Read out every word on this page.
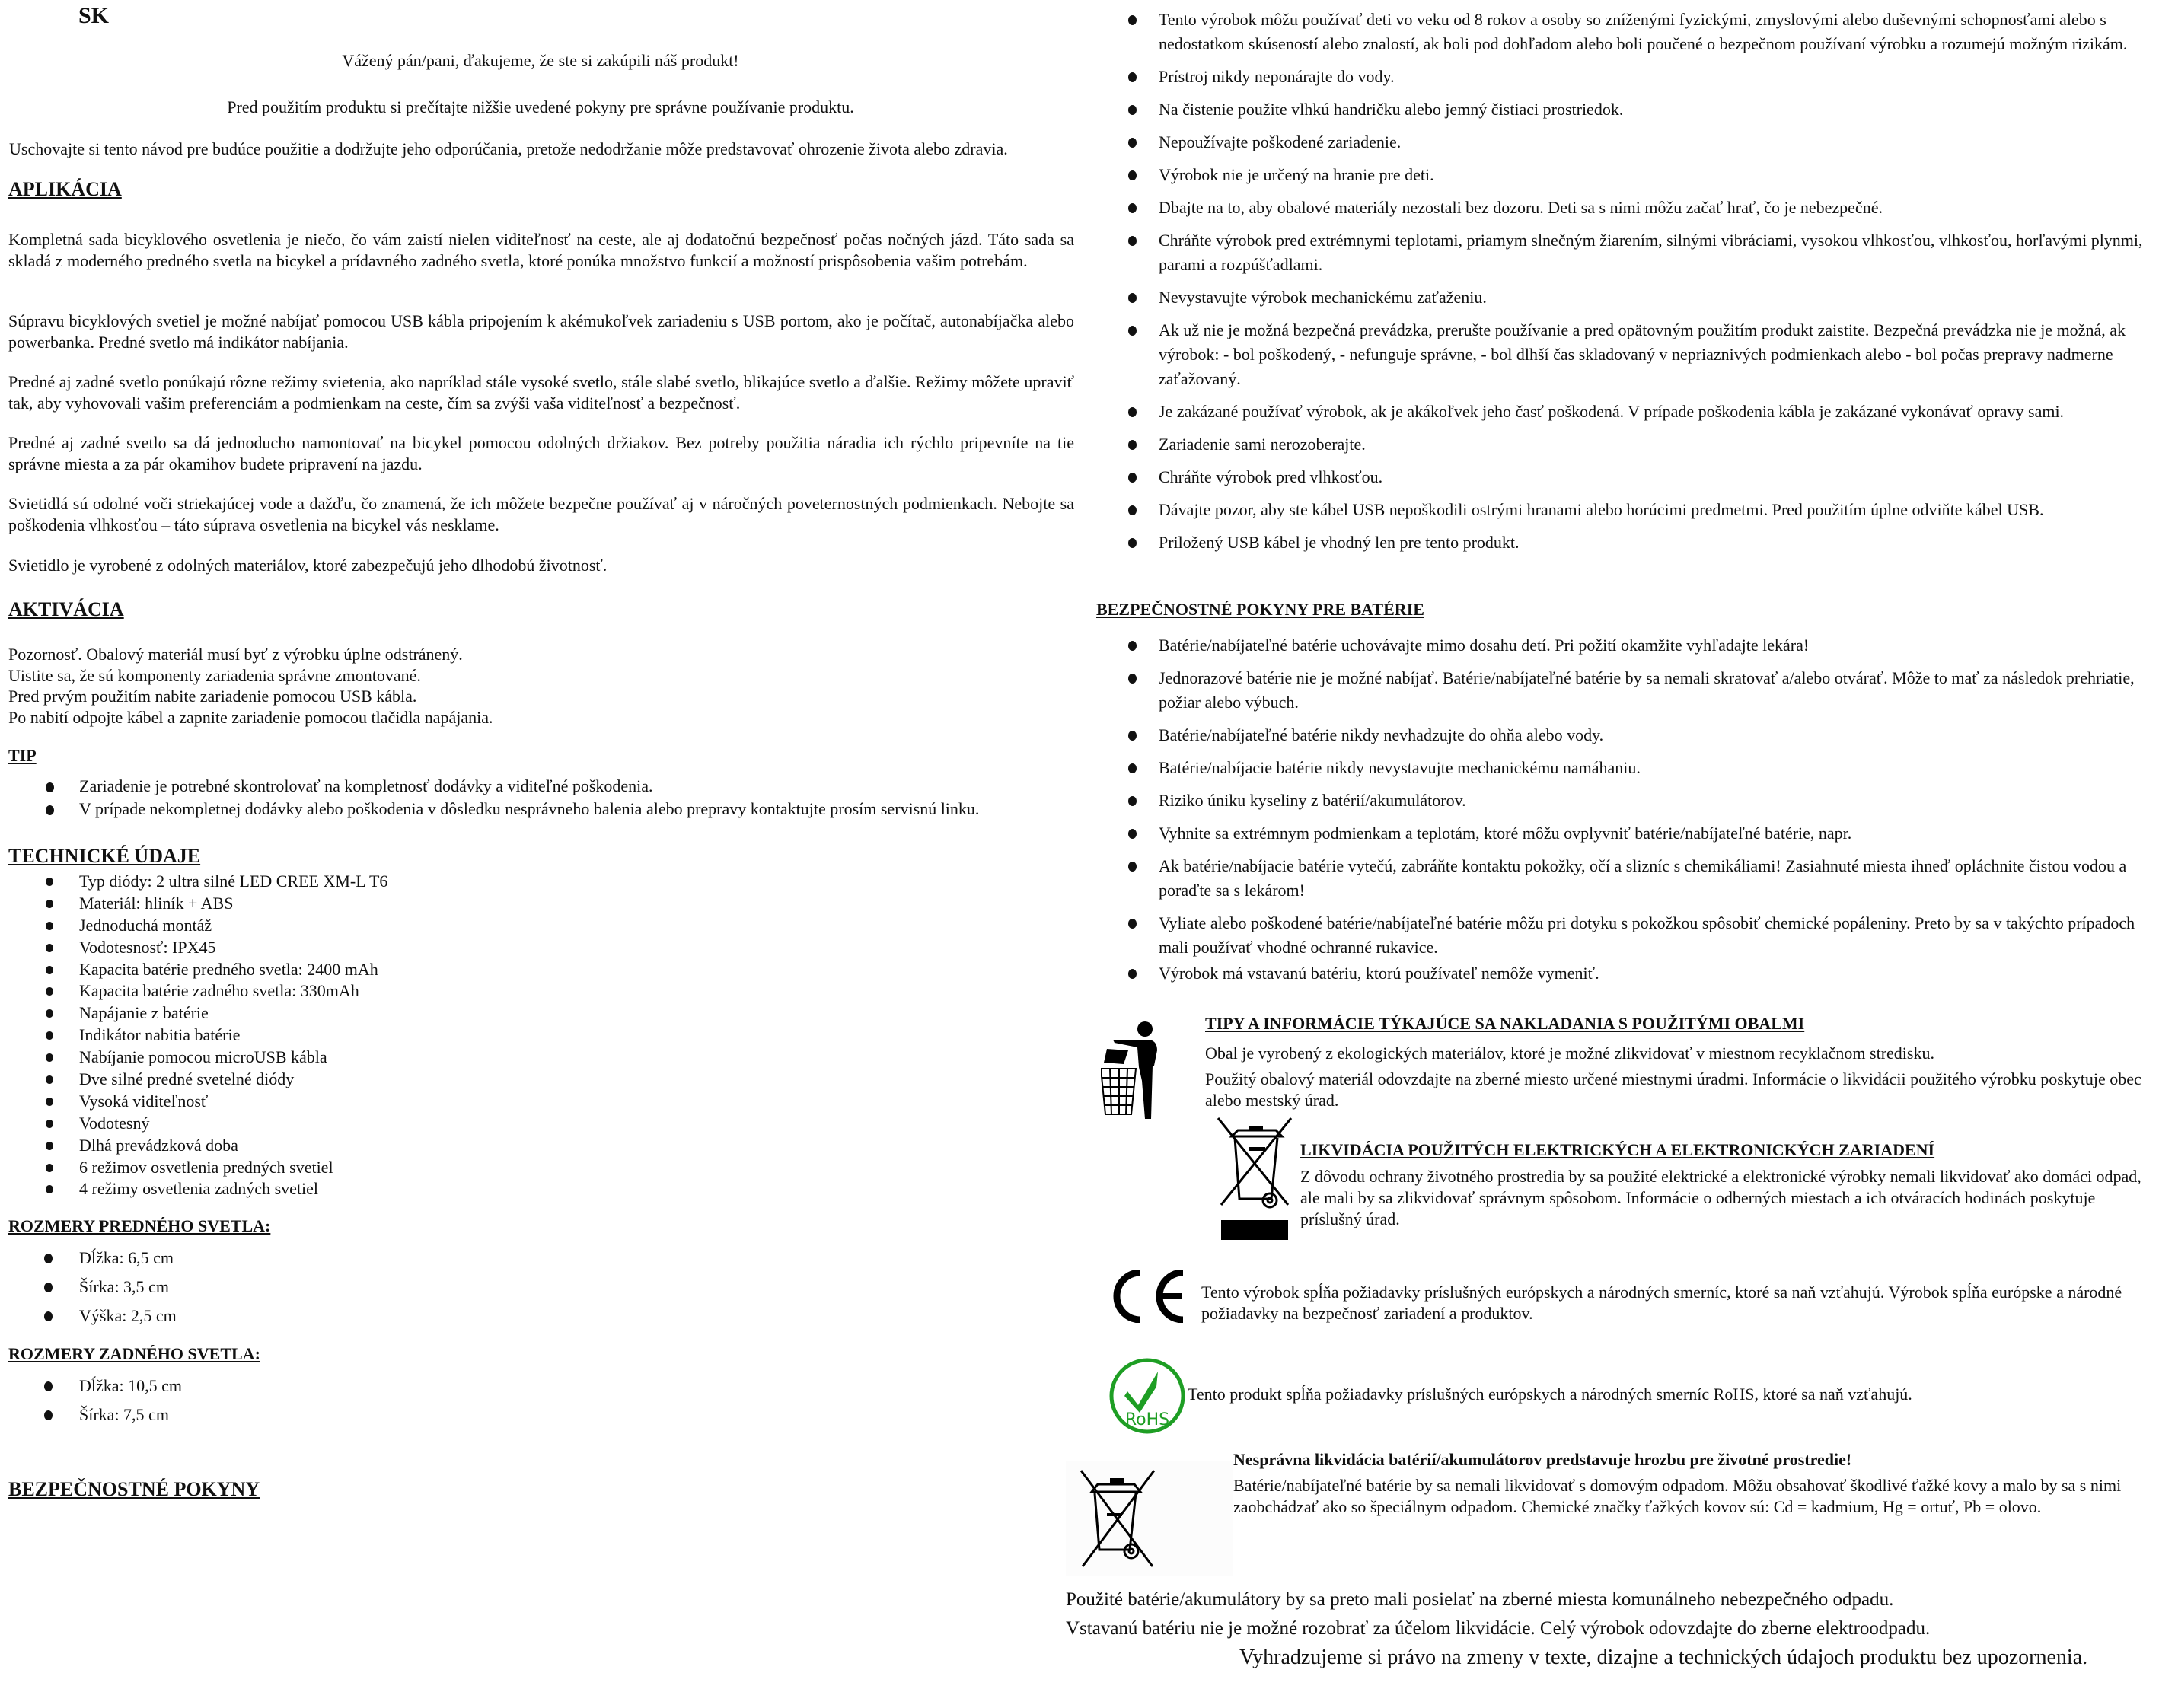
SK
Vážený pán/pani, ďakujeme, že ste si zakúpili náš produkt!
Pred použitím produktu si prečítajte nižšie uvedené pokyny pre správne používanie produktu.
Uschovajte si tento návod pre budúce použitie a dodržujte jeho odporúčania, pretože nedodržanie môže predstavovať ohrozenie života alebo zdravia.
APLIKÁCIA
Kompletná sada bicyklového osvetlenia je niečo, čo vám zaistí nielen viditeľnosť na ceste, ale aj dodatočnú bezpečnosť počas nočných jázd. Táto sada sa skladá z moderného predného svetla na bicykel a prídavného zadného svetla, ktoré ponúka množstvo funkcií a možností prispôsobenia vašim potrebám.
Súpravu bicyklových svetiel je možné nabíjať pomocou USB kábla pripojením k akémukoľvek zariadeniu s USB portom, ako je počítač, autonabíjačka alebo powerbanka. Predné svetlo má indikátor nabíjania.
Predné aj zadné svetlo ponúkajú rôzne režimy svietenia, ako napríklad stále vysoké svetlo, stále slabé svetlo, blikajúce svetlo a ďalšie. Režimy môžete upraviť tak, aby vyhovovali vašim preferenciám a podmienkam na ceste, čím sa zvýši vaša viditeľnosť a bezpečnosť.
Predné aj zadné svetlo sa dá jednoducho namontovať na bicykel pomocou odolných držiakov. Bez potreby použitia náradia ich rýchlo pripevníte na tie správne miesta a za pár okamihov budete pripravení na jazdu.
Svietidlá sú odolné voči striekajúcej vode a dažďu, čo znamená, že ich môžete bezpečne používať aj v náročných poveternostných podmienkach. Nebojte sa poškodenia vlhkosťou – táto súprava osvetlenia na bicykel vás nesklame.
Svietidlo je vyrobené z odolných materiálov, ktoré zabezpečujú jeho dlhodobú životnosť.
AKTIVÁCIA
Pozornosť. Obalový materiál musí byť z výrobku úplne odstránený.
Uistite sa, že sú komponenty zariadenia správne zmontované.
Pred prvým použitím nabite zariadenie pomocou USB kábla.
Po nabití odpojte kábel a zapnite zariadenie pomocou tlačidla napájania.
TIP
Zariadenie je potrebné skontrolovať na kompletnosť dodávky a viditeľné poškodenia.
V prípade nekompletnej dodávky alebo poškodenia v dôsledku nesprávneho balenia alebo prepravy kontaktujte prosím servisnú linku.
TECHNICKÉ ÚDAJE
Typ diódy: 2 ultra silné LED CREE XM-L T6
Materiál: hliník + ABS
Jednoduchá montáž
Vodotesnosť: IPX45
Kapacita batérie predného svetla: 2400 mAh
Kapacita batérie zadného svetla: 330mAh
Napájanie z batérie
Indikátor nabitia batérie
Nabíjanie pomocou microUSB kábla
Dve silné predné svetelné diódy
Vysoká viditeľnosť
Vodotesný
Dlhá prevádzková doba
6 režimov osvetlenia predných svetiel
4 režimy osvetlenia zadných svetiel
ROZMERY PREDNÉHO SVETLA:
Dĺžka: 6,5 cm
Šírka: 3,5 cm
Výška: 2,5 cm
ROZMERY ZADNÉHO SVETLA:
Dĺžka: 10,5 cm
Šírka: 7,5 cm
BEZPEČNOSTNÉ POKYNY
Tento výrobok môžu používať deti vo veku od 8 rokov a osoby so zníženými fyzickými, zmyslovými alebo duševnými schopnosťami alebo s nedostatkom skúseností alebo znalostí, ak boli pod dohľadom alebo boli poučené o bezpečnom používaní výrobku a rozumejú možným rizikám.
Prístroj nikdy neponárajte do vody.
Na čistenie použite vlhkú handričku alebo jemný čistiaci prostriedok.
Nepoužívajte poškodené zariadenie.
Výrobok nie je určený na hranie pre deti.
Dbajte na to, aby obalové materiály nezostali bez dozoru. Deti sa s nimi môžu začať hrať, čo je nebezpečné.
Chráňte výrobok pred extrémnymi teplotami, priamym slnečným žiarením, silnými vibráciami, vysokou vlhkosťou, vlhkosťou, horľavými plynmi, parami a rozpúšťadlami.
Nevystavujte výrobok mechanickému zaťaženiu.
Ak už nie je možná bezpečná prevádzka, prerušte používanie a pred opätovným použitím produkt zaistite. Bezpečná prevádzka nie je možná, ak výrobok: - bol poškodený, - nefunguje správne, - bol dlhší čas skladovaný v nepriaznivých podmienkach alebo - bol počas prepravy nadmerne zaťažovaný.
Je zakázané používať výrobok, ak je akákoľvek jeho časť poškodená. V prípade poškodenia kábla je zakázané vykonávať opravy sami.
Zariadenie sami nerozoberajte.
Chráňte výrobok pred vlhkosťou.
Dávajte pozor, aby ste kábel USB nepoškodili ostrými hranami alebo horúcimi predmetmi. Pred použitím úplne odviňte kábel USB.
Priložený USB kábel je vhodný len pre tento produkt.
BEZPEČNOSTNÉ POKYNY PRE BATÉRIE
Batérie/nabíjateľné batérie uchovávajte mimo dosahu detí. Pri požití okamžite vyhľadajte lekára!
Jednorazové batérie nie je možné nabíjať. Batérie/nabíjateľné batérie by sa nemali skratovať a/alebo otvárať. Môže to mať za následok prehriatie, požiar alebo výbuch.
Batérie/nabíjateľné batérie nikdy nevhadzujte do ohňa alebo vody.
Batérie/nabíjacie batérie nikdy nevystavujte mechanickému namáhaniu.
Riziko úniku kyseliny z batérií/akumulátorov.
Vyhnite sa extrémnym podmienkam a teplotám, ktoré môžu ovplyvniť batérie/nabíjateľné batérie, napr.
Ak batérie/nabíjacie batérie vytečú, zabráňte kontaktu pokožky, očí a slizníc s chemikáliami! Zasiahnuté miesta ihneď opláchnite čistou vodou a poraďte sa s lekárom!
Vyliate alebo poškodené batérie/nabíjateľné batérie môžu pri dotyku s pokožkou spôsobiť chemické popáleniny. Preto by sa v takýchto prípadoch mali používať vhodné ochranné rukavice.
Výrobok má vstavanú batériu, ktorú používateľ nemôže vymeniť.
TIPY A INFORMÁCIE TÝKAJÚCE SA NAKLADANIA S POUŽITÝMI OBALMI
Obal je vyrobený z ekologických materiálov, ktoré je možné zlikvidovať v miestnom recyklačnom stredisku.
Použitý obalový materiál odovzdajte na zberné miesto určené miestnymi úradmi. Informácie o likvidácii použitého výrobku poskytuje obec alebo mestský úrad.
LIKVIDÁCIA POUŽITÝCH ELEKTRICKÝCH A ELEKTRONICKÝCH ZARIADENÍ
Z dôvodu ochrany životného prostredia by sa použité elektrické a elektronické výrobky nemali likvidovať ako domáci odpad, ale mali by sa zlikvidovať správnym spôsobom. Informácie o odberných miestach a ich otváracích hodinách poskytuje príslušný úrad.
Tento výrobok spĺňa požiadavky príslušných európskych a národných smerníc, ktoré sa naň vzťahujú. Výrobok spĺňa európske a národné požiadavky na bezpečnosť zariadení a produktov.
RoHS
Tento produkt spĺňa požiadavky príslušných európskych a národných smerníc RoHS, ktoré sa naň vzťahujú.
Nesprávna likvidácia batérií/akumulátorov predstavuje hrozbu pre životné prostredie!
Batérie/nabíjateľné batérie by sa nemali likvidovať s domovým odpadom. Môžu obsahovať škodlivé ťažké kovy a malo by sa s nimi zaobchádzať ako so špeciálnym odpadom. Chemické značky ťažkých kovov sú: Cd = kadmium, Hg = ortuť, Pb = olovo.
Použité batérie/akumulátory by sa preto mali posielať na zberné miesta komunálneho nebezpečného odpadu.
Vstavanú batériu nie je možné rozobrať za účelom likvidácie. Celý výrobok odovzdajte do zberne elektroodpadu.
Vyhradzujeme si právo na zmeny v texte, dizajne a technických údajoch produktu bez upozornenia.
